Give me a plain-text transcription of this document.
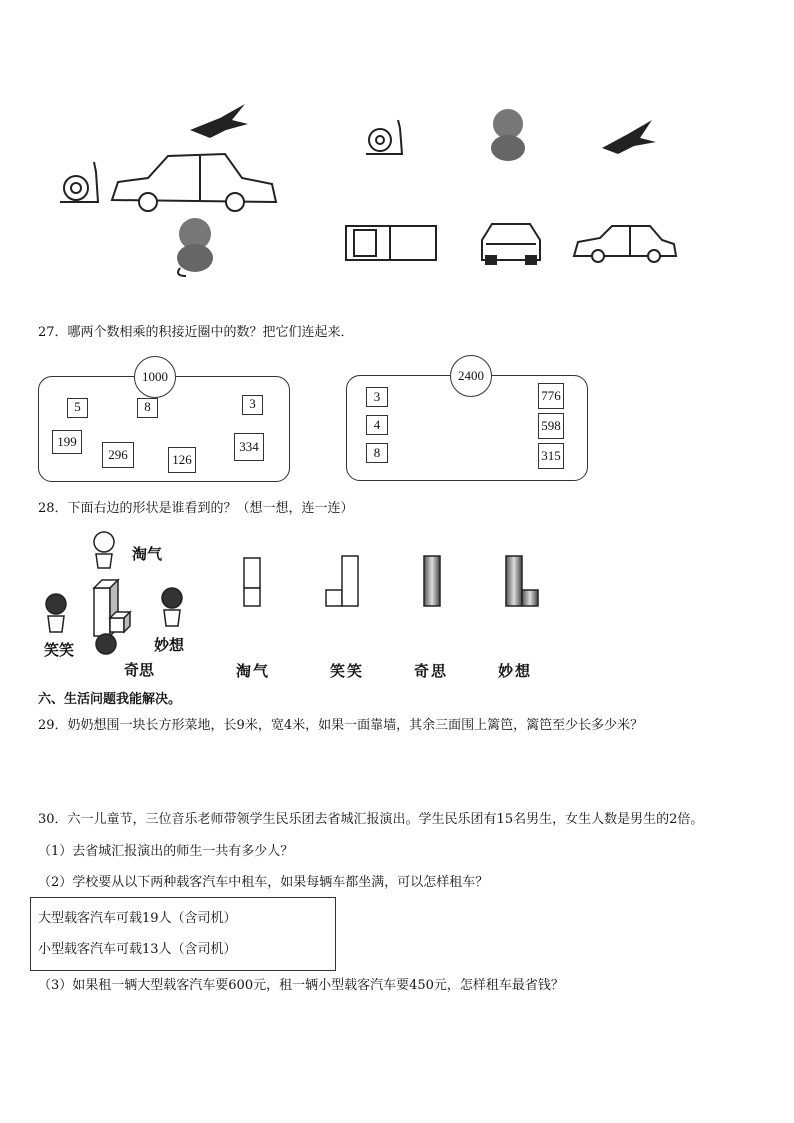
27．哪两个数相乘的积接近圈中的数？把它们连起来．
1000
5	8	3
199
296	126
334
2400
3
4
8
776
598
315
28．下面右边的形状是谁看到的？（想一想，连一连）
淘气
笑笑	妙想
奇思	淘气	笑笑	奇思	妙想
六、生活问题我能解决。
29．奶奶想围一块长方形菜地，长9米，宽4米，如果一面靠墙，其余三面围上篱笆，篱笆至少长多少米？
30．六一儿童节，三位音乐老师带领学生民乐团去省城汇报演出。学生民乐团有15名男生，女生人数是男生的2倍。
（1）去省城汇报演出的师生一共有多少人？
（2）学校要从以下两种载客汽车中租车，如果每辆车都坐满，可以怎样租车？
大型载客汽车可载19人（含司机）
小型载客汽车可载13人（含司机）
（3）如果租一辆大型载客汽车要600元，租一辆小型载客汽车要450元，怎样租车最省钱？
